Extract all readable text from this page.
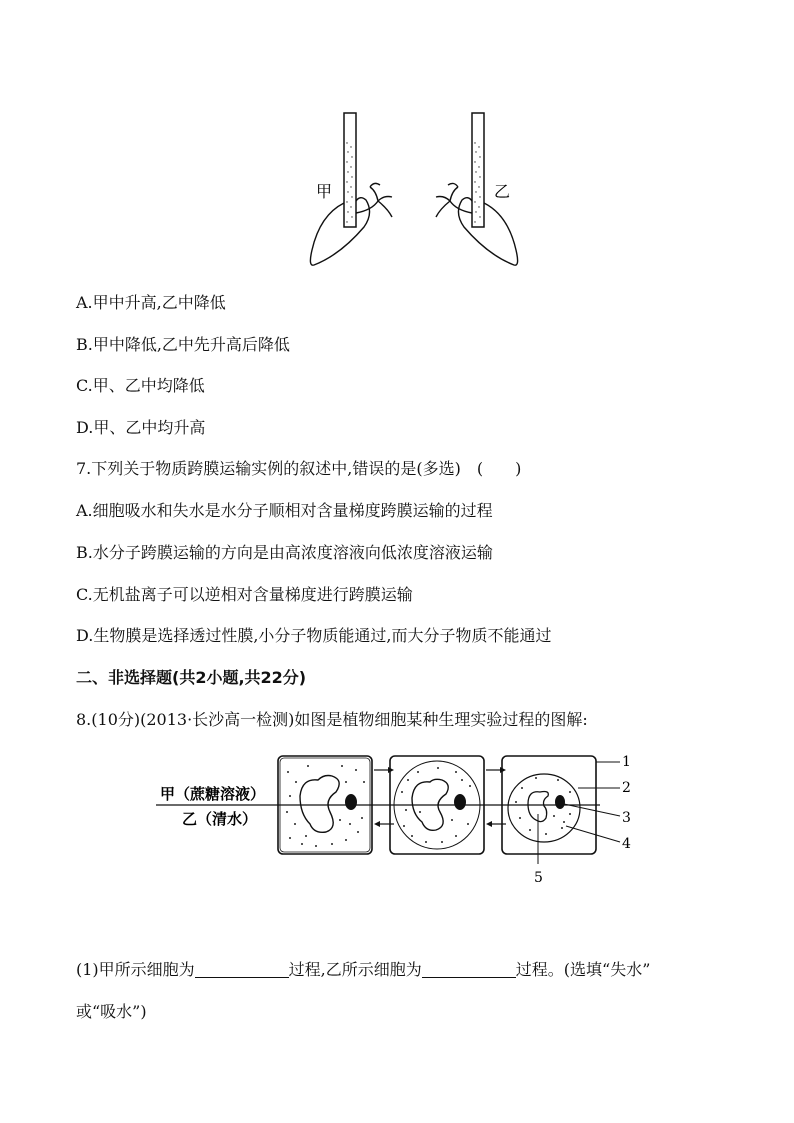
甲	乙
A.甲中升高,乙中降低
B.甲中降低,乙中先升高后降低
C.甲、乙中均降低
D.甲、乙中均升高
7.下列关于物质跨膜运输实例的叙述中,错误的是(多选)　(　　)
A.细胞吸水和失水是水分子顺相对含量梯度跨膜运输的过程
B.水分子跨膜运输的方向是由高浓度溶液向低浓度溶液运输
C.无机盐离子可以逆相对含量梯度进行跨膜运输
D.生物膜是选择透过性膜,小分子物质能通过,而大分子物质不能通过
二、非选择题(共2小题,共22分)
8.(10分)(2013·长沙高一检测)如图是植物细胞某种生理实验过程的图解:
甲（蔗糖溶液）
乙（清水）
1
2
3
4
5
(1)甲所示细胞为	过程,乙所示细胞为	过程。(选填“失水”
或“吸水”)
